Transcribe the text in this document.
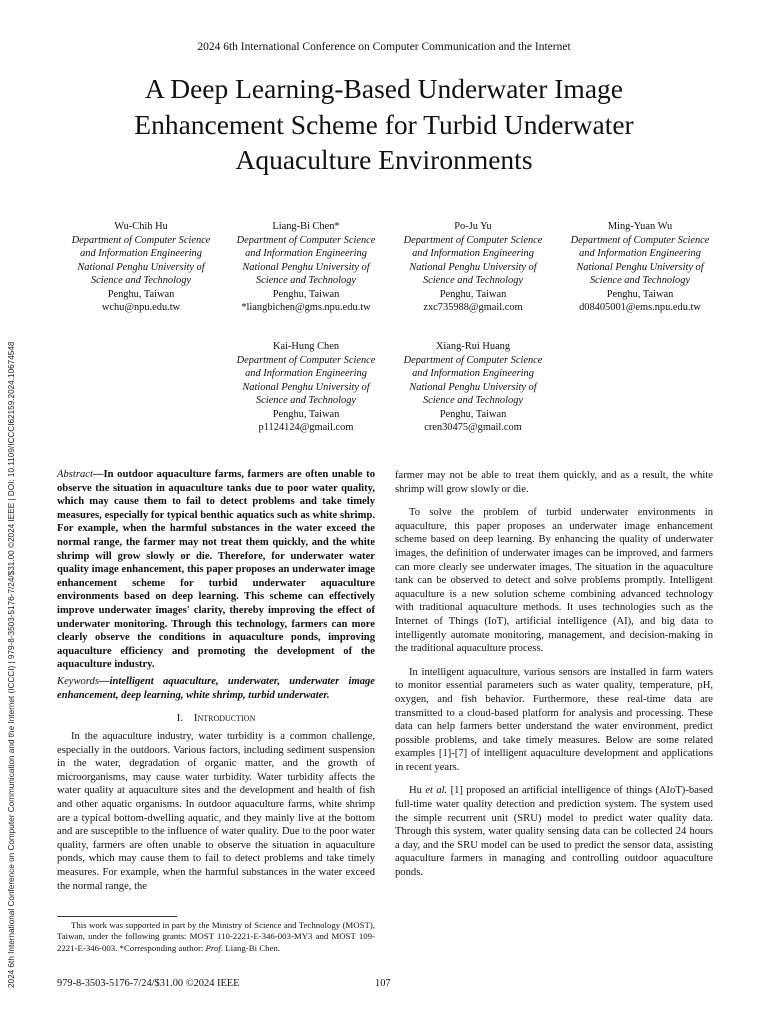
2024 6th International Conference on Computer Communication and the Internet
A Deep Learning-Based Underwater Image
Enhancement Scheme for Turbid Underwater
Aquaculture Environments
2024 6th International Conference on Computer Communication and the Internet (ICCCI) | 979-8-3503-5176-7/24/$31.00 ©2024 IEEE | DOI: 10.1109/ICCCI62159.2024.10674548
Wu-Chih Hu
Department of Computer Science
and Information Engineering
National Penghu University of
Science and Technology
Penghu, Taiwan
wchu@npu.edu.tw
Liang-Bi Chen*
Department of Computer Science
and Information Engineering
National Penghu University of
Science and Technology
Penghu, Taiwan
*liangbichen@gms.npu.edu.tw
Po-Ju Yu
Department of Computer Science
and Information Engineering
National Penghu University of
Science and Technology
Penghu, Taiwan
zxc735988@gmail.com
Ming-Yuan Wu
Department of Computer Science
and Information Engineering
National Penghu University of
Science and Technology
Penghu, Taiwan
d08405001@ems.npu.edu.tw
Kai-Hung Chen
Department of Computer Science
and Information Engineering
National Penghu University of
Science and Technology
Penghu, Taiwan
p1124124@gmail.com
Xiang-Rui Huang
Department of Computer Science
and Information Engineering
National Penghu University of
Science and Technology
Penghu, Taiwan
cren30475@gmail.com

Abstract—In outdoor aquaculture farms, farmers are often unable to observe the situation in aquaculture tanks due to poor water quality, which may cause them to fail to detect problems and take timely measures, especially for typical benthic aquatics such as white shrimp. For example, when the harmful substances in the water exceed the normal range, the farmer may not treat them quickly, and the white shrimp will grow slowly or die. Therefore, for underwater water quality image enhancement, this paper proposes an underwater image enhancement scheme for turbid underwater aquaculture environments based on deep learning. This scheme can effectively improve underwater images' clarity, thereby improving the effect of underwater monitoring. Through this technology, farmers can more clearly observe the conditions in aquaculture ponds, improving aquaculture efficiency and promoting the development of the aquaculture industry.

Keywords—intelligent aquaculture, underwater, underwater image enhancement, deep learning, white shrimp, turbid underwater.

I. Introduction

In the aquaculture industry, water turbidity is a common challenge, especially in the outdoors. Various factors, including sediment suspension in the water, degradation of organic matter, and the growth of microorganisms, may cause water turbidity. Water turbidity affects the water quality at aquaculture sites and the development and health of fish and other aquatic organisms. In outdoor aquaculture farms, white shrimp are a typical bottom-dwelling aquatic, and they mainly live at the bottom and are susceptible to the influence of water quality. Due to the poor water quality, farmers are often unable to observe the situation in aquaculture ponds, which may cause them to fail to detect problems and take timely measures. For example, when the harmful substances in the water exceed the normal range, the

farmer may not be able to treat them quickly, and as a result, the white shrimp will grow slowly or die.

To solve the problem of turbid underwater environments in aquaculture, this paper proposes an underwater image enhancement scheme based on deep learning. By enhancing the quality of underwater images, the definition of underwater images can be improved, and farmers can more clearly see underwater images. The situation in the aquaculture tank can be observed to detect and solve problems promptly. Intelligent aquaculture is a new solution scheme combining advanced technology with traditional aquaculture methods. It uses technologies such as the Internet of Things (IoT), artificial intelligence (AI), and big data to intelligently automate monitoring, management, and decision-making in the traditional aquaculture process.

In intelligent aquaculture, various sensors are installed in farm waters to monitor essential parameters such as water quality, temperature, pH, oxygen, and fish behavior. Furthermore, these real-time data are transmitted to a cloud-based platform for analysis and processing. These data can help farmers better understand the water environment, predict possible problems, and take timely measures. Below are some related examples [1]-[7] of intelligent aquaculture development and applications in recent years.

Hu et al. [1] proposed an artificial intelligence of things (AIoT)-based full-time water quality detection and prediction system. The system used the simple recurrent unit (SRU) model to predict water quality data. Through this system, water quality sensing data can be collected 24 hours a day, and the SRU model can be used to predict the sensor data, assisting aquaculture farmers in managing and controlling outdoor aquaculture ponds.

This work was supported in part by the Ministry of Science and Technology (MOST), Taiwan, under the following grants: MOST 110-2221-E-346-003-MY3 and MOST 109-2221-E-346-003. *Corresponding author: Prof. Liang-Bi Chen.

979-8-3503-5176-7/24/$31.00 ©2024 IEEE	107
